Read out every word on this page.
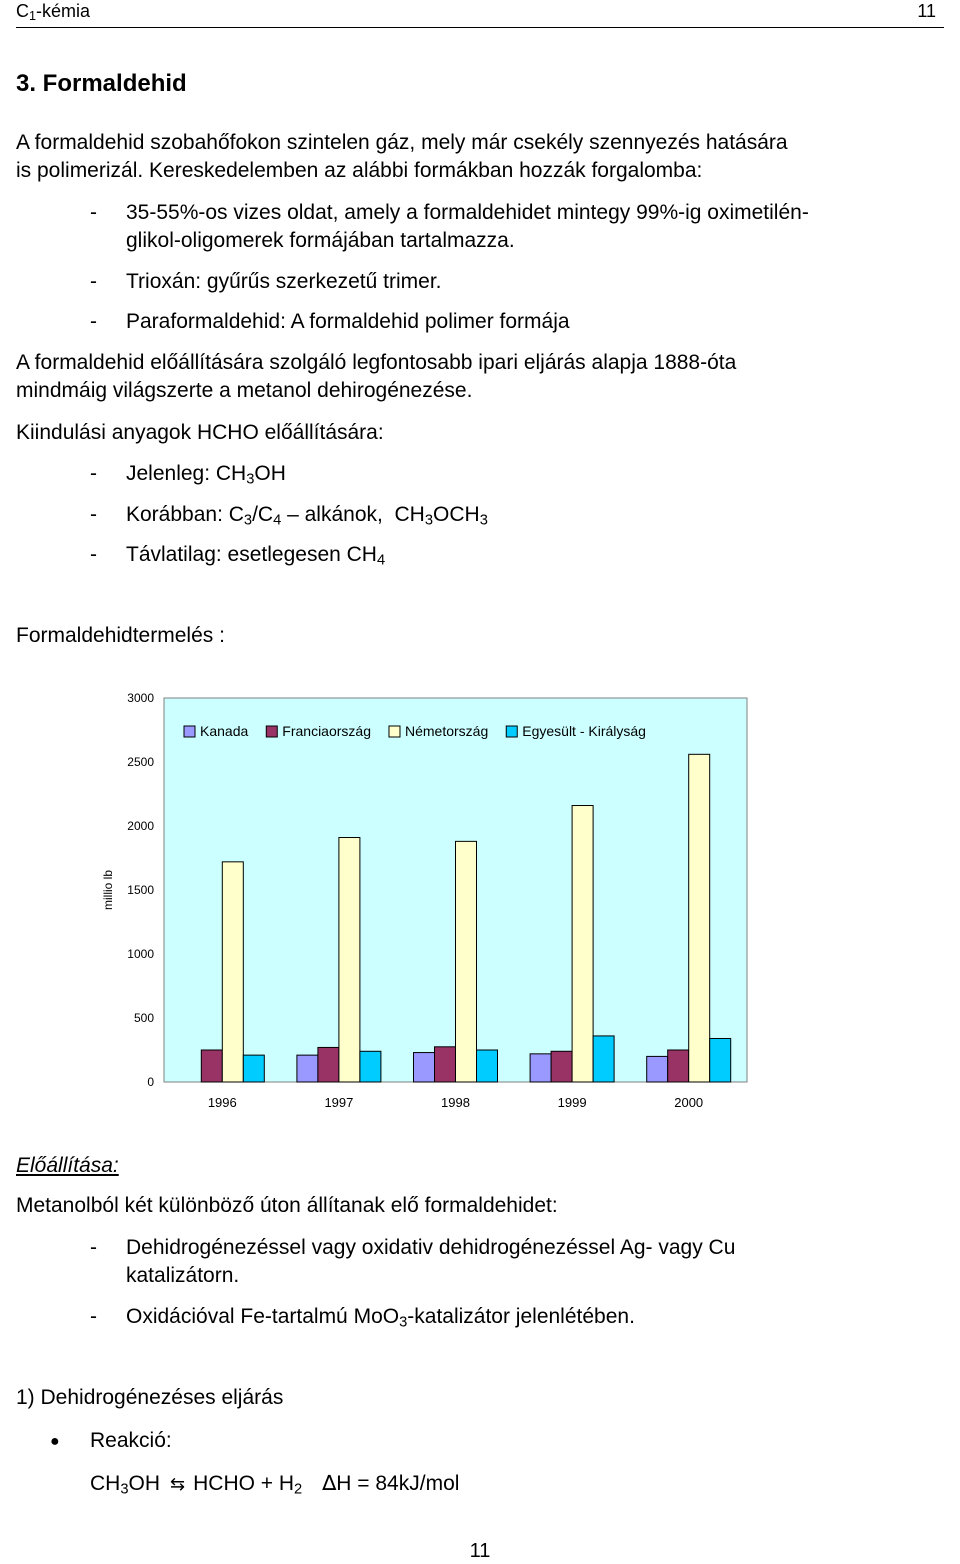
$C_1$-kémia	11
3. Formaldehid
A formaldehid szobahőfokon szintelen gáz, mely már csekély szennyezés hatására
is polimerizál. Kereskedelemben az alábbi formákban hozzák forgalomba:
- 35-55%-os vizes oldat, amely a formaldehidet mintegy 99%-ig oximetilén-
glikol-oligomerek formájában tartalmazza.
- Trioxán: gyűrűs szerkezetű trimer.
- Paraformaldehid: A formaldehid polimer formája
A formaldehid előállítására szolgáló legfontosabb ipari eljárás alapja 1888-óta
mindmáig világszerte a metanol dehirogénezése.
Kiindulási anyagok HCHO előállítására:
- Jelenleg: $CH_3OH$
- Korábban: $C_3/C_4$ – alkánok,  $CH_3OCH_3$
- Távlatilag: esetlegesen $CH_4$
Formaldehidtermelés :
0
500
1000
1500
2000
2500
3000
millio lb
1996	1997	1998	1999	2000
Kanada Franciaország Németország Egyesült - Királyság
Előállítása:
Metanolból két különböző úton állítanak elő formaldehidet:
- Dehidrogénezéssel vagy oxidativ dehidrogénezéssel Ag- vagy Cu
katalizátorn.
- Oxidációval Fe-tartalmú MoO$_3$-katalizátor jelenlétében.
1) Dehidrogénezéses eljárás
● Reakció:
$CH_3OH$ ⇆ HCHO + $H_2$ ∆H = 84kJ/mol
11
